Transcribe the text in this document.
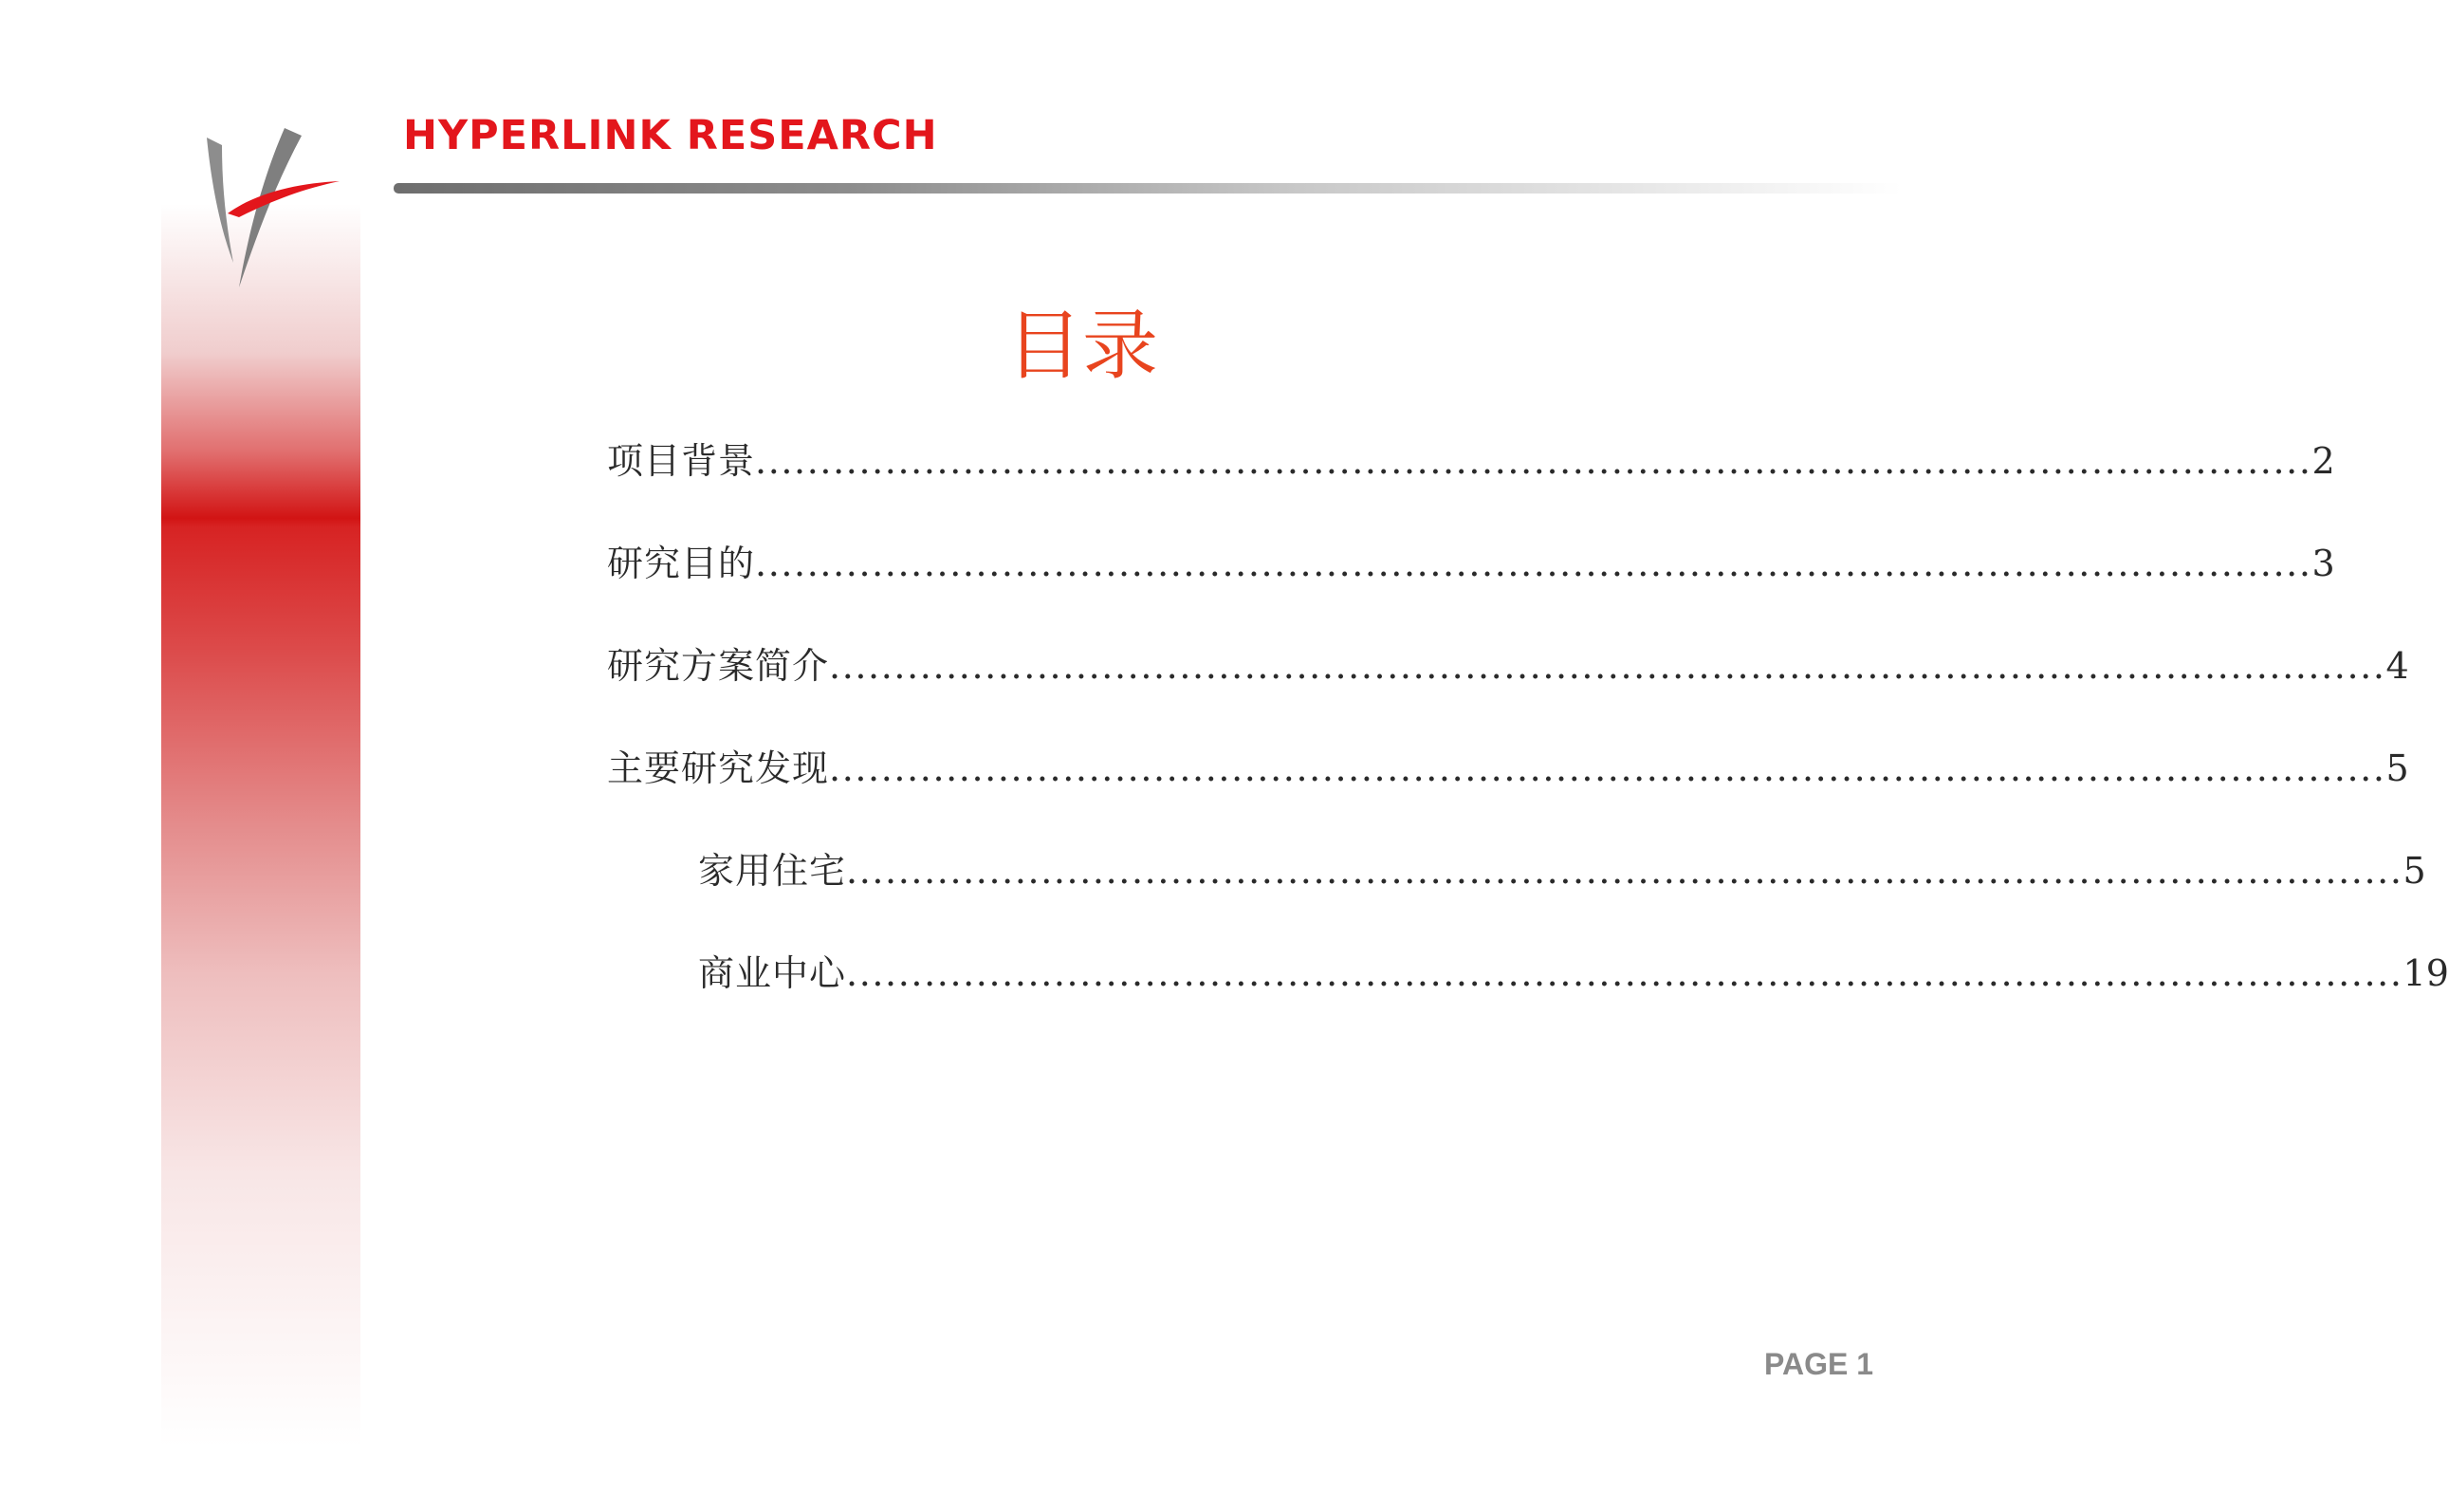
HYPERLINK RESEARCH
目录
项目背景 ........................................................................................................................ 2
研究目的 ........................................................................................................................ 3
研究方案简介 ........................................................................................................................ 4
主要研究发现 ........................................................................................................................ 5
家用住宅 ........................................................................................................................ 5
商业中心 ........................................................................................................................ 19
PAGE 1
